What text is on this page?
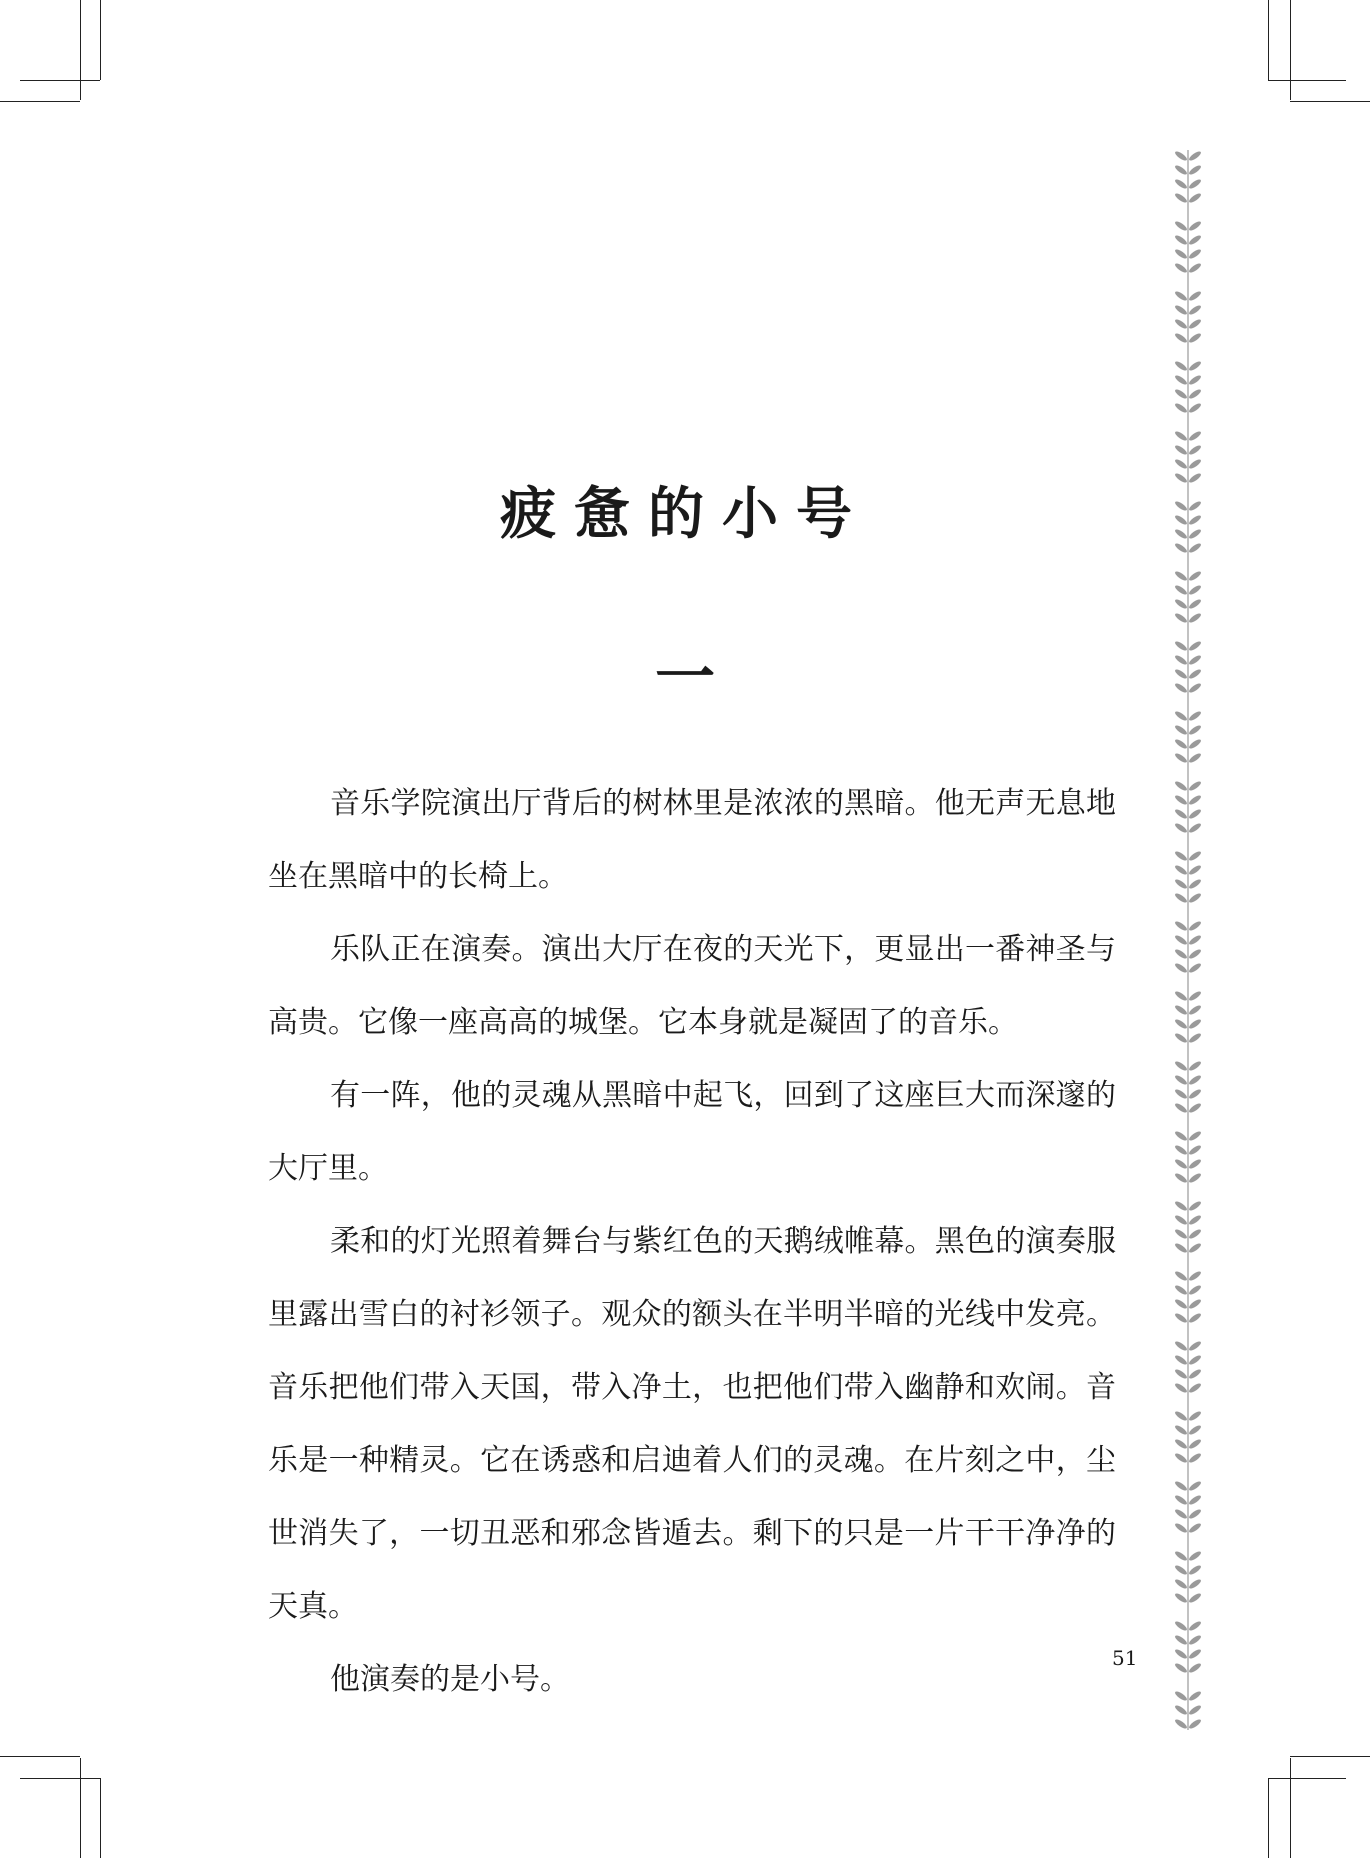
疲惫的小号
一

音乐学院演出厅背后的树林里是浓浓的黑暗。他无声无息地坐在黑暗中的长椅上。

乐队正在演奏。演出大厅在夜的天光下，更显出一番神圣与高贵。它像一座高高的城堡。它本身就是凝固了的音乐。

有一阵，他的灵魂从黑暗中起飞，回到了这座巨大而深邃的大厅里。

柔和的灯光照着舞台与紫红色的天鹅绒帷幕。黑色的演奏服里露出雪白的衬衫领子。观众的额头在半明半暗的光线中发亮。音乐把他们带入天国，带入净土，也把他们带入幽静和欢闹。音乐是一种精灵。它在诱惑和启迪着人们的灵魂。在片刻之中，尘世消失了，一切丑恶和邪念皆遁去。剩下的只是一片干干净净的天真。

他演奏的是小号。

51
